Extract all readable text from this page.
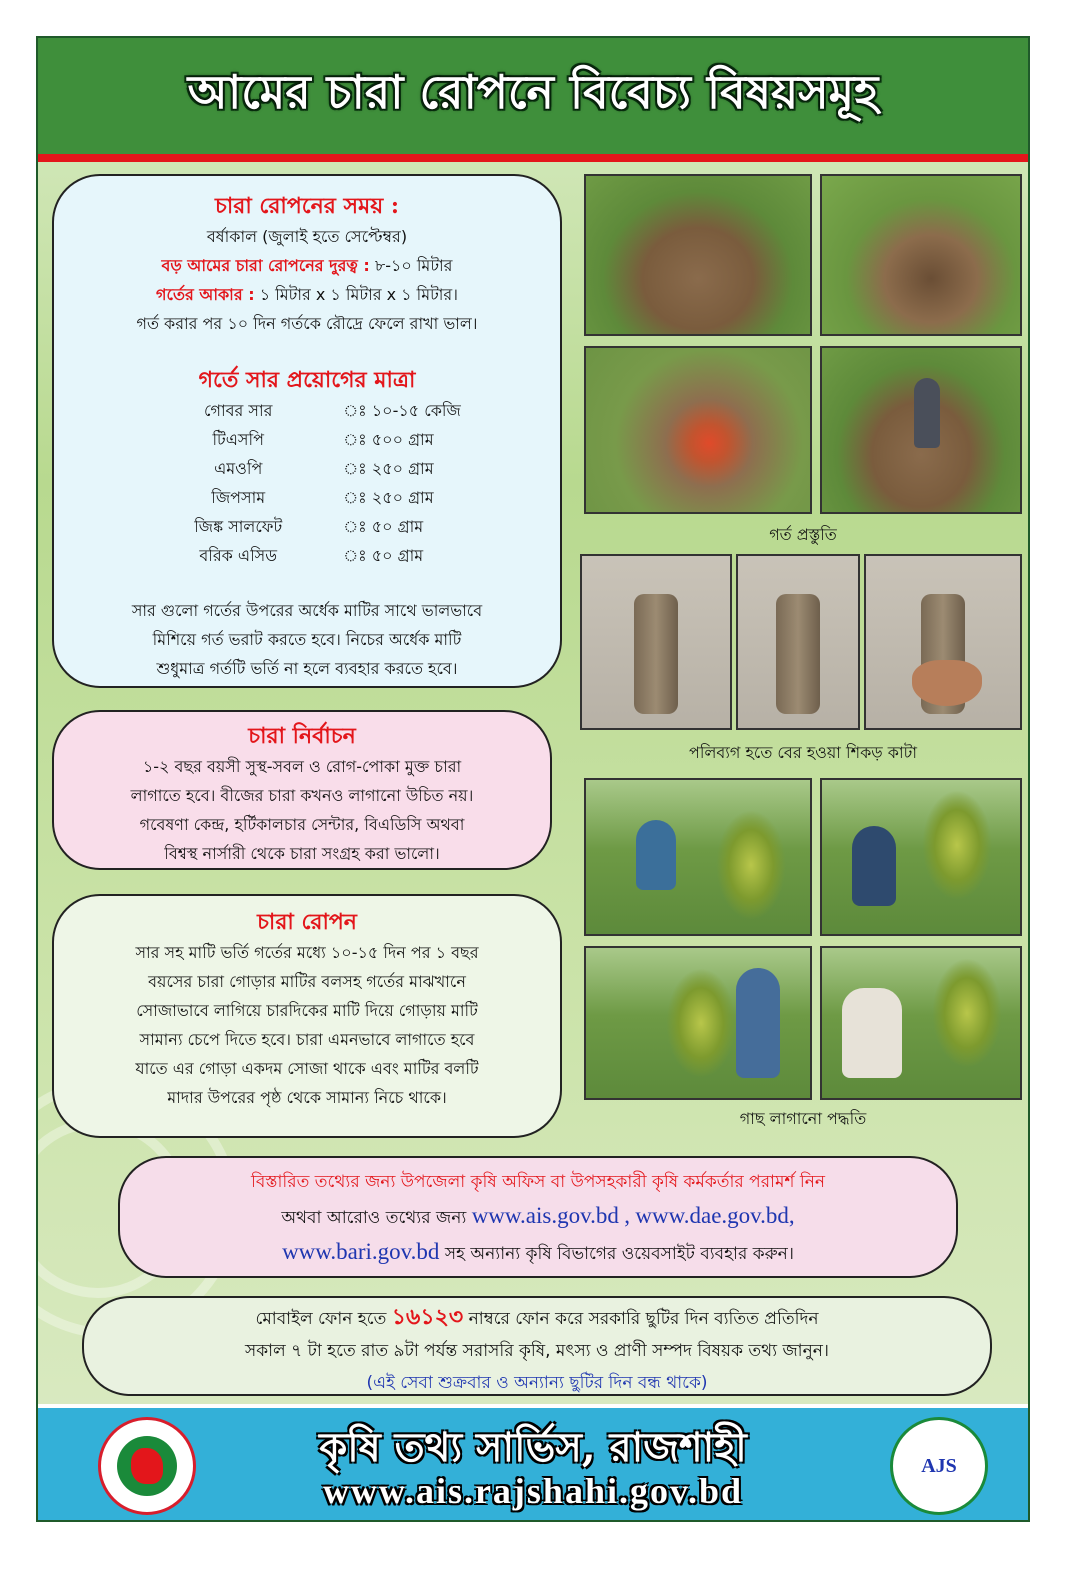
আমের চারা রোপনে বিবেচ্য বিষয়সমূহ
চারা রোপনের সময় :
বর্ষাকাল (জুলাই হতে সেপ্টেম্বর)
বড় আমের চারা রোপনের দুরত্ব : ৮-১০ মিটার
গর্তের আকার : ১ মিটার x ১ মিটার x ১ মিটার।
গর্ত করার পর ১০ দিন গর্তকে রৌদ্রে ফেলে রাখা ভাল।
গর্তে সার প্রয়োগের মাত্রা
গোবর সার	ঃ ১০-১৫ কেজি
টিএসপি	ঃ ৫০০ গ্রাম
এমওপি	ঃ ২৫০ গ্রাম
জিপসাম	ঃ ২৫০ গ্রাম
জিঙ্ক সালফেট	ঃ ৫০ গ্রাম
বরিক এসিড	ঃ ৫০ গ্রাম
সার গুলো গর্তের উপরের অর্ধেক মাটির সাথে ভালভাবে
মিশিয়ে গর্ত ভরাট করতে হবে। নিচের অর্ধেক মাটি
শুধুমাত্র গর্তটি ভর্তি না হলে ব্যবহার করতে হবে।
চারা নির্বাচন
১-২ বছর বয়সী সুস্থ-সবল ও রোগ-পোকা মুক্ত চারা
লাগাতে হবে। বীজের চারা কখনও লাগানো উচিত নয়।
গবেষণা কেন্দ্র, হর্টিকালচার সেন্টার, বিএডিসি অথবা
বিশ্বস্থ নার্সারী থেকে চারা সংগ্রহ করা ভালো।
চারা রোপন
সার সহ মাটি ভর্তি গর্তের মধ্যে ১০-১৫ দিন পর ১ বছর
বয়সের চারা গোড়ার মাটির বলসহ গর্তের মাঝখানে
সোজাভাবে লাগিয়ে চারদিকের মাটি দিয়ে গোড়ায় মাটি
সামান্য চেপে দিতে হবে। চারা এমনভাবে লাগাতে হবে
যাতে এর গোড়া একদম সোজা থাকে এবং মাটির বলটি
মাদার উপরের পৃষ্ঠ থেকে সামান্য নিচে থাকে।
গর্ত প্রস্তুতি
পলিব্যগ হতে বের হওয়া শিকড় কাটা
গাছ লাগানো পদ্ধতি
বিস্তারিত তথ্যের জন্য উপজেলা কৃষি অফিস বা উপসহকারী কৃষি কর্মকর্তার পরামর্শ নিন
অথবা আরোও তথ্যের জন্য www.ais.gov.bd , www.dae.gov.bd,
www.bari.gov.bd সহ অন্যান্য কৃষি বিভাগের ওয়েবসাইট ব্যবহার করুন।
মোবাইল ফোন হতে ১৬১২৩ নাম্বরে ফোন করে সরকারি ছুটির দিন ব্যতিত প্রতিদিন
সকাল ৭ টা হতে রাত ৯টা পর্যন্ত সরাসরি কৃষি, মৎস্য ও প্রাণী সম্পদ বিষয়ক তথ্য জানুন।
(এই সেবা শুক্রবার ও অন্যান্য ছুটির দিন বন্ধ থাকে)
কৃষি তথ্য সার্ভিস, রাজশাহী
www.ais.rajshahi.gov.bd
AJS
